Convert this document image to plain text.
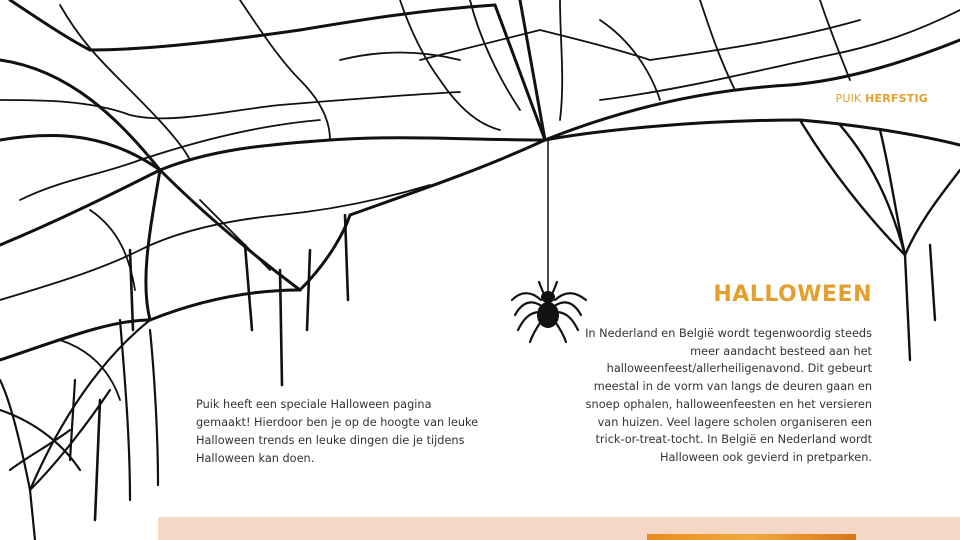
PUIK HERFSTIG
HALLOWEEN

In Nederland en België wordt tegenwoordig steeds meer aandacht besteed aan het halloweenfeest/allerheiligenavond. Dit gebeurt meestal in de vorm van langs de deuren gaan en snoep ophalen, halloweenfeesten en het versieren van huizen. Veel lagere scholen organiseren een trick-or-treat-tocht. In België en Nederland wordt Halloween ook gevierd in pretparken.

Puik heeft een speciale Halloween pagina gemaakt! Hierdoor ben je op de hoogte van leuke Halloween trends en leuke dingen die je tijdens Halloween kan doen.
